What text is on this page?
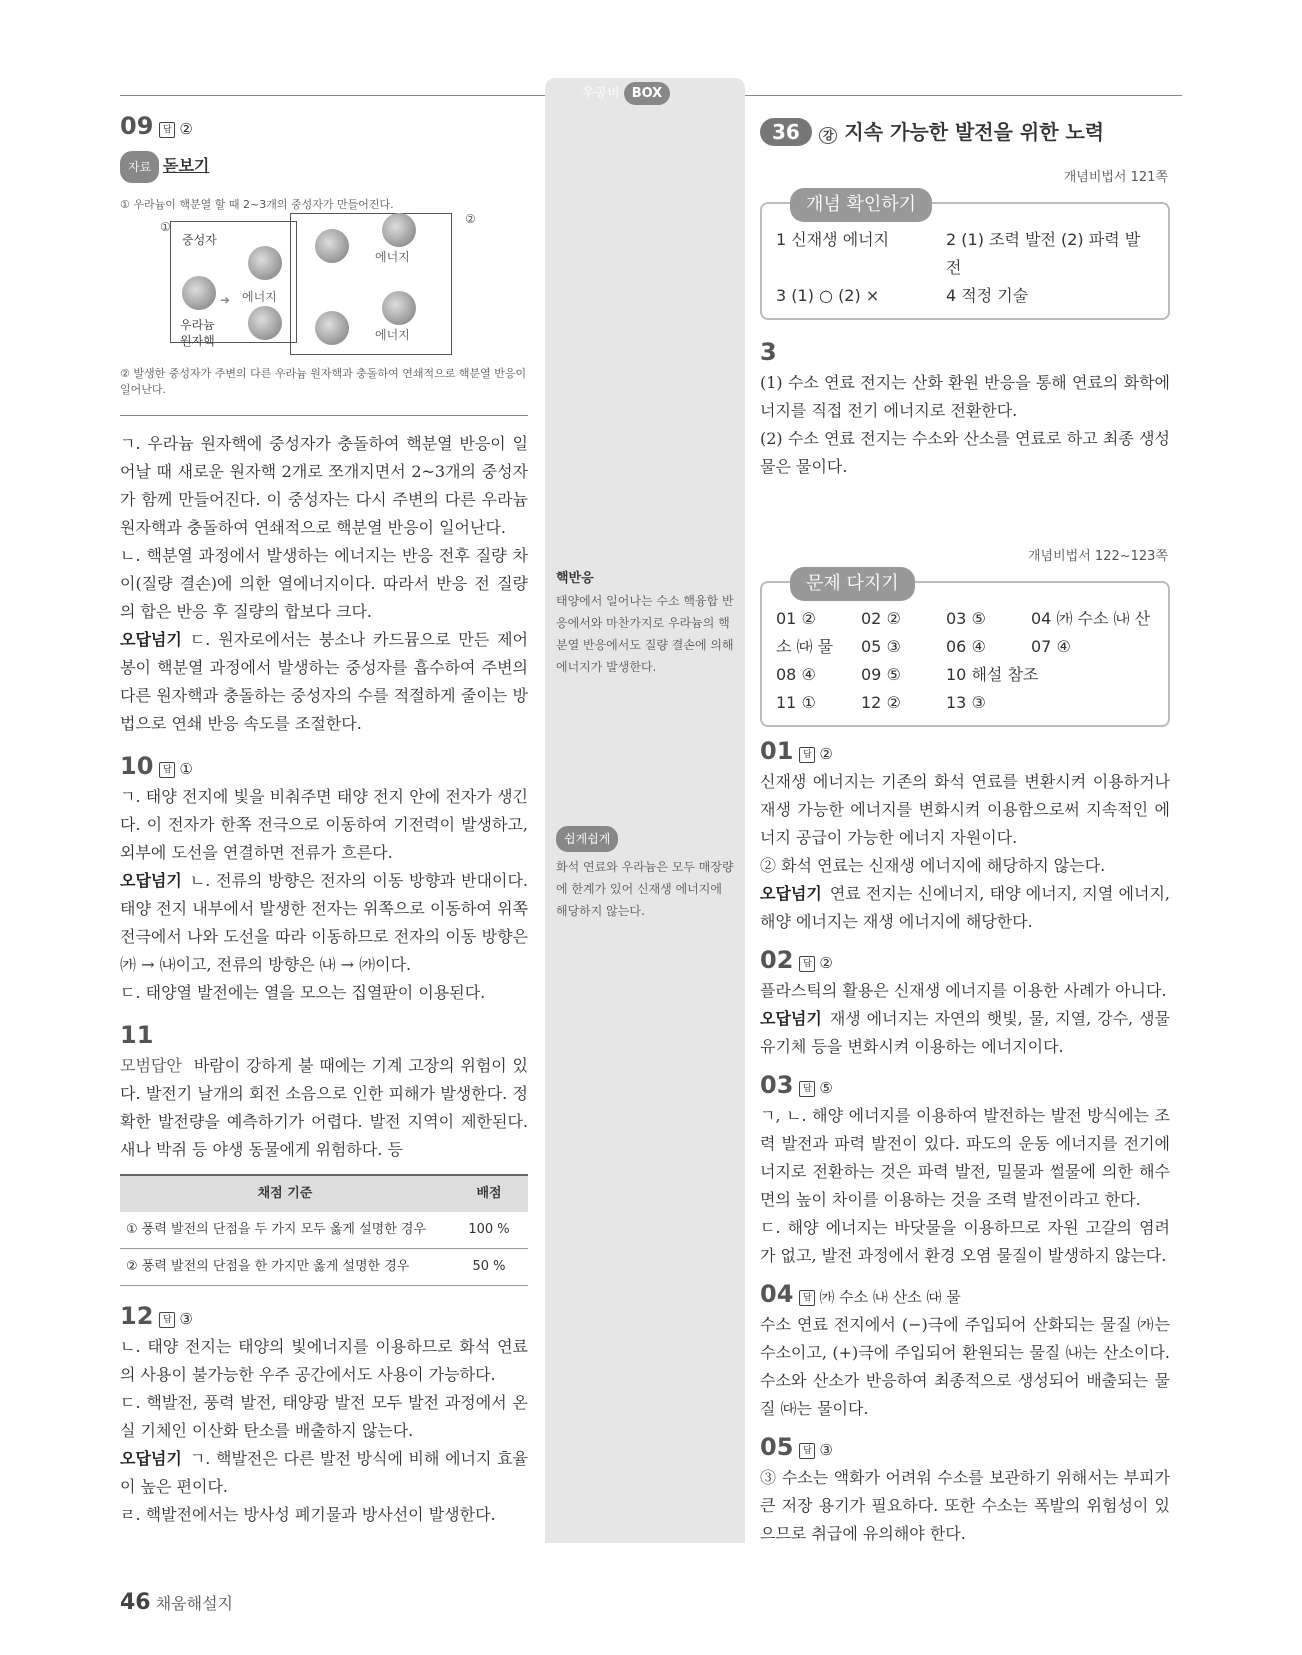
우공비 BOX
09 답 ②
자료 돋보기
① 우라늄이 핵분열 할 때 2~3개의 중성자가 만들어진다.
①
②
중성자
➜ 에너지
우라늄
원자핵
에너지
에너지
② 발생한 중성자가 주변의 다른 우라늄 원자핵과 충돌하여 연쇄적으로 핵분열 반응이 일어난다.

ㄱ. 우라늄 원자핵에 중성자가 충돌하여 핵분열 반응이 일어날 때 새로운 원자핵 2개로 쪼개지면서 2~3개의 중성자가 함께 만들어진다. 이 중성자는 다시 주변의 다른 우라늄 원자핵과 충돌하여 연쇄적으로 핵분열 반응이 일어난다.

ㄴ. 핵분열 과정에서 발생하는 에너지는 반응 전후 질량 차이(질량 결손)에 의한 열에너지이다. 따라서 반응 전 질량의 합은 반응 후 질량의 합보다 크다.

오답넘기 ㄷ. 원자로에서는 붕소나 카드뮴으로 만든 제어봉이 핵분열 과정에서 발생하는 중성자를 흡수하여 주변의 다른 원자핵과 충돌하는 중성자의 수를 적절하게 줄이는 방법으로 연쇄 반응 속도를 조절한다.

10 답 ①

ㄱ. 태양 전지에 빛을 비춰주면 태양 전지 안에 전자가 생긴다. 이 전자가 한쪽 전극으로 이동하여 기전력이 발생하고, 외부에 도선을 연결하면 전류가 흐른다.

오답넘기 ㄴ. 전류의 방향은 전자의 이동 방향과 반대이다. 태양 전지 내부에서 발생한 전자는 위쪽으로 이동하여 위쪽 전극에서 나와 도선을 따라 이동하므로 전자의 이동 방향은 ㈎ → ㈏이고, 전류의 방향은 ㈏ → ㈎이다.

ㄷ. 태양열 발전에는 열을 모으는 집열판이 이용된다.

11

모범답안 바람이 강하게 불 때에는 기계 고장의 위험이 있다. 발전기 날개의 회전 소음으로 인한 피해가 발생한다. 정확한 발전량을 예측하기가 어렵다. 발전 지역이 제한된다. 새나 박쥐 등 야생 동물에게 위험하다. 등

채점 기준	배점
① 풍력 발전의 단점을 두 가지 모두 옳게 설명한 경우	100 %
② 풍력 발전의 단점을 한 가지만 옳게 설명한 경우	50 %
12 답 ③

ㄴ. 태양 전지는 태양의 빛에너지를 이용하므로 화석 연료의 사용이 불가능한 우주 공간에서도 사용이 가능하다.

ㄷ. 핵발전, 풍력 발전, 태양광 발전 모두 발전 과정에서 온실 기체인 이산화 탄소를 배출하지 않는다.

오답넘기 ㄱ. 핵발전은 다른 발전 방식에 비해 에너지 효율이 높은 편이다.

ㄹ. 핵발전에서는 방사성 폐기물과 방사선이 발생한다.

핵반응
태양에서 일어나는 수소 핵융합 반응에서와 마찬가지로 우라늄의 핵분열 반응에서도 질량 결손에 의해 에너지가 발생한다.
쉽게쉽게
화석 연료와 우라늄은 모두 매장량에 한계가 있어 신재생 에너지에 해당하지 않는다.
36 강 지속 가능한 발전을 위한 노력
개념 확인하기
개념비법서 121쪽
1 신재생 에너지	2 (1) 조력 발전 (2) 파력 발전
3 (1) ○ (2) ×	4 적정 기술
3

(1) 수소 연료 전지는 산화 환원 반응을 통해 연료의 화학에너지를 직접 전기 에너지로 전환한다.

(2) 수소 연료 전지는 수소와 산소를 연료로 하고 최종 생성물은 물이다.

문제 다지기
개념비법서 122~123쪽
01 ②	02 ②	03 ⑤	04 ㈎ 수소 ㈏ 산
소 ㈐ 물	05 ③	06 ④	07 ④
08 ④	09 ⑤	10 해설 참조
11 ①	12 ②	13 ③
01 답 ②

신재생 에너지는 기존의 화석 연료를 변환시켜 이용하거나 재생 가능한 에너지를 변화시켜 이용함으로써 지속적인 에너지 공급이 가능한 에너지 자원이다.

② 화석 연료는 신재생 에너지에 해당하지 않는다.

오답넘기 연료 전지는 신에너지, 태양 에너지, 지열 에너지, 해양 에너지는 재생 에너지에 해당한다.

02 답 ②

플라스틱의 활용은 신재생 에너지를 이용한 사례가 아니다.

오답넘기 재생 에너지는 자연의 햇빛, 물, 지열, 강수, 생물유기체 등을 변화시켜 이용하는 에너지이다.

03 답 ⑤

ㄱ, ㄴ. 해양 에너지를 이용하여 발전하는 발전 방식에는 조력 발전과 파력 발전이 있다. 파도의 운동 에너지를 전기에너지로 전환하는 것은 파력 발전, 밀물과 썰물에 의한 해수면의 높이 차이를 이용하는 것을 조력 발전이라고 한다.

ㄷ. 해양 에너지는 바닷물을 이용하므로 자원 고갈의 염려가 없고, 발전 과정에서 환경 오염 물질이 발생하지 않는다.

04 답 ㈎ 수소 ㈏ 산소 ㈐ 물

수소 연료 전지에서 (−)극에 주입되어 산화되는 물질 ㈎는 수소이고, (+)극에 주입되어 환원되는 물질 ㈏는 산소이다. 수소와 산소가 반응하여 최종적으로 생성되어 배출되는 물질 ㈐는 물이다.

05 답 ③

③ 수소는 액화가 어려워 수소를 보관하기 위해서는 부피가 큰 저장 용기가 필요하다. 또한 수소는 폭발의 위험성이 있으므로 취급에 유의해야 한다.

46 채움해설지
